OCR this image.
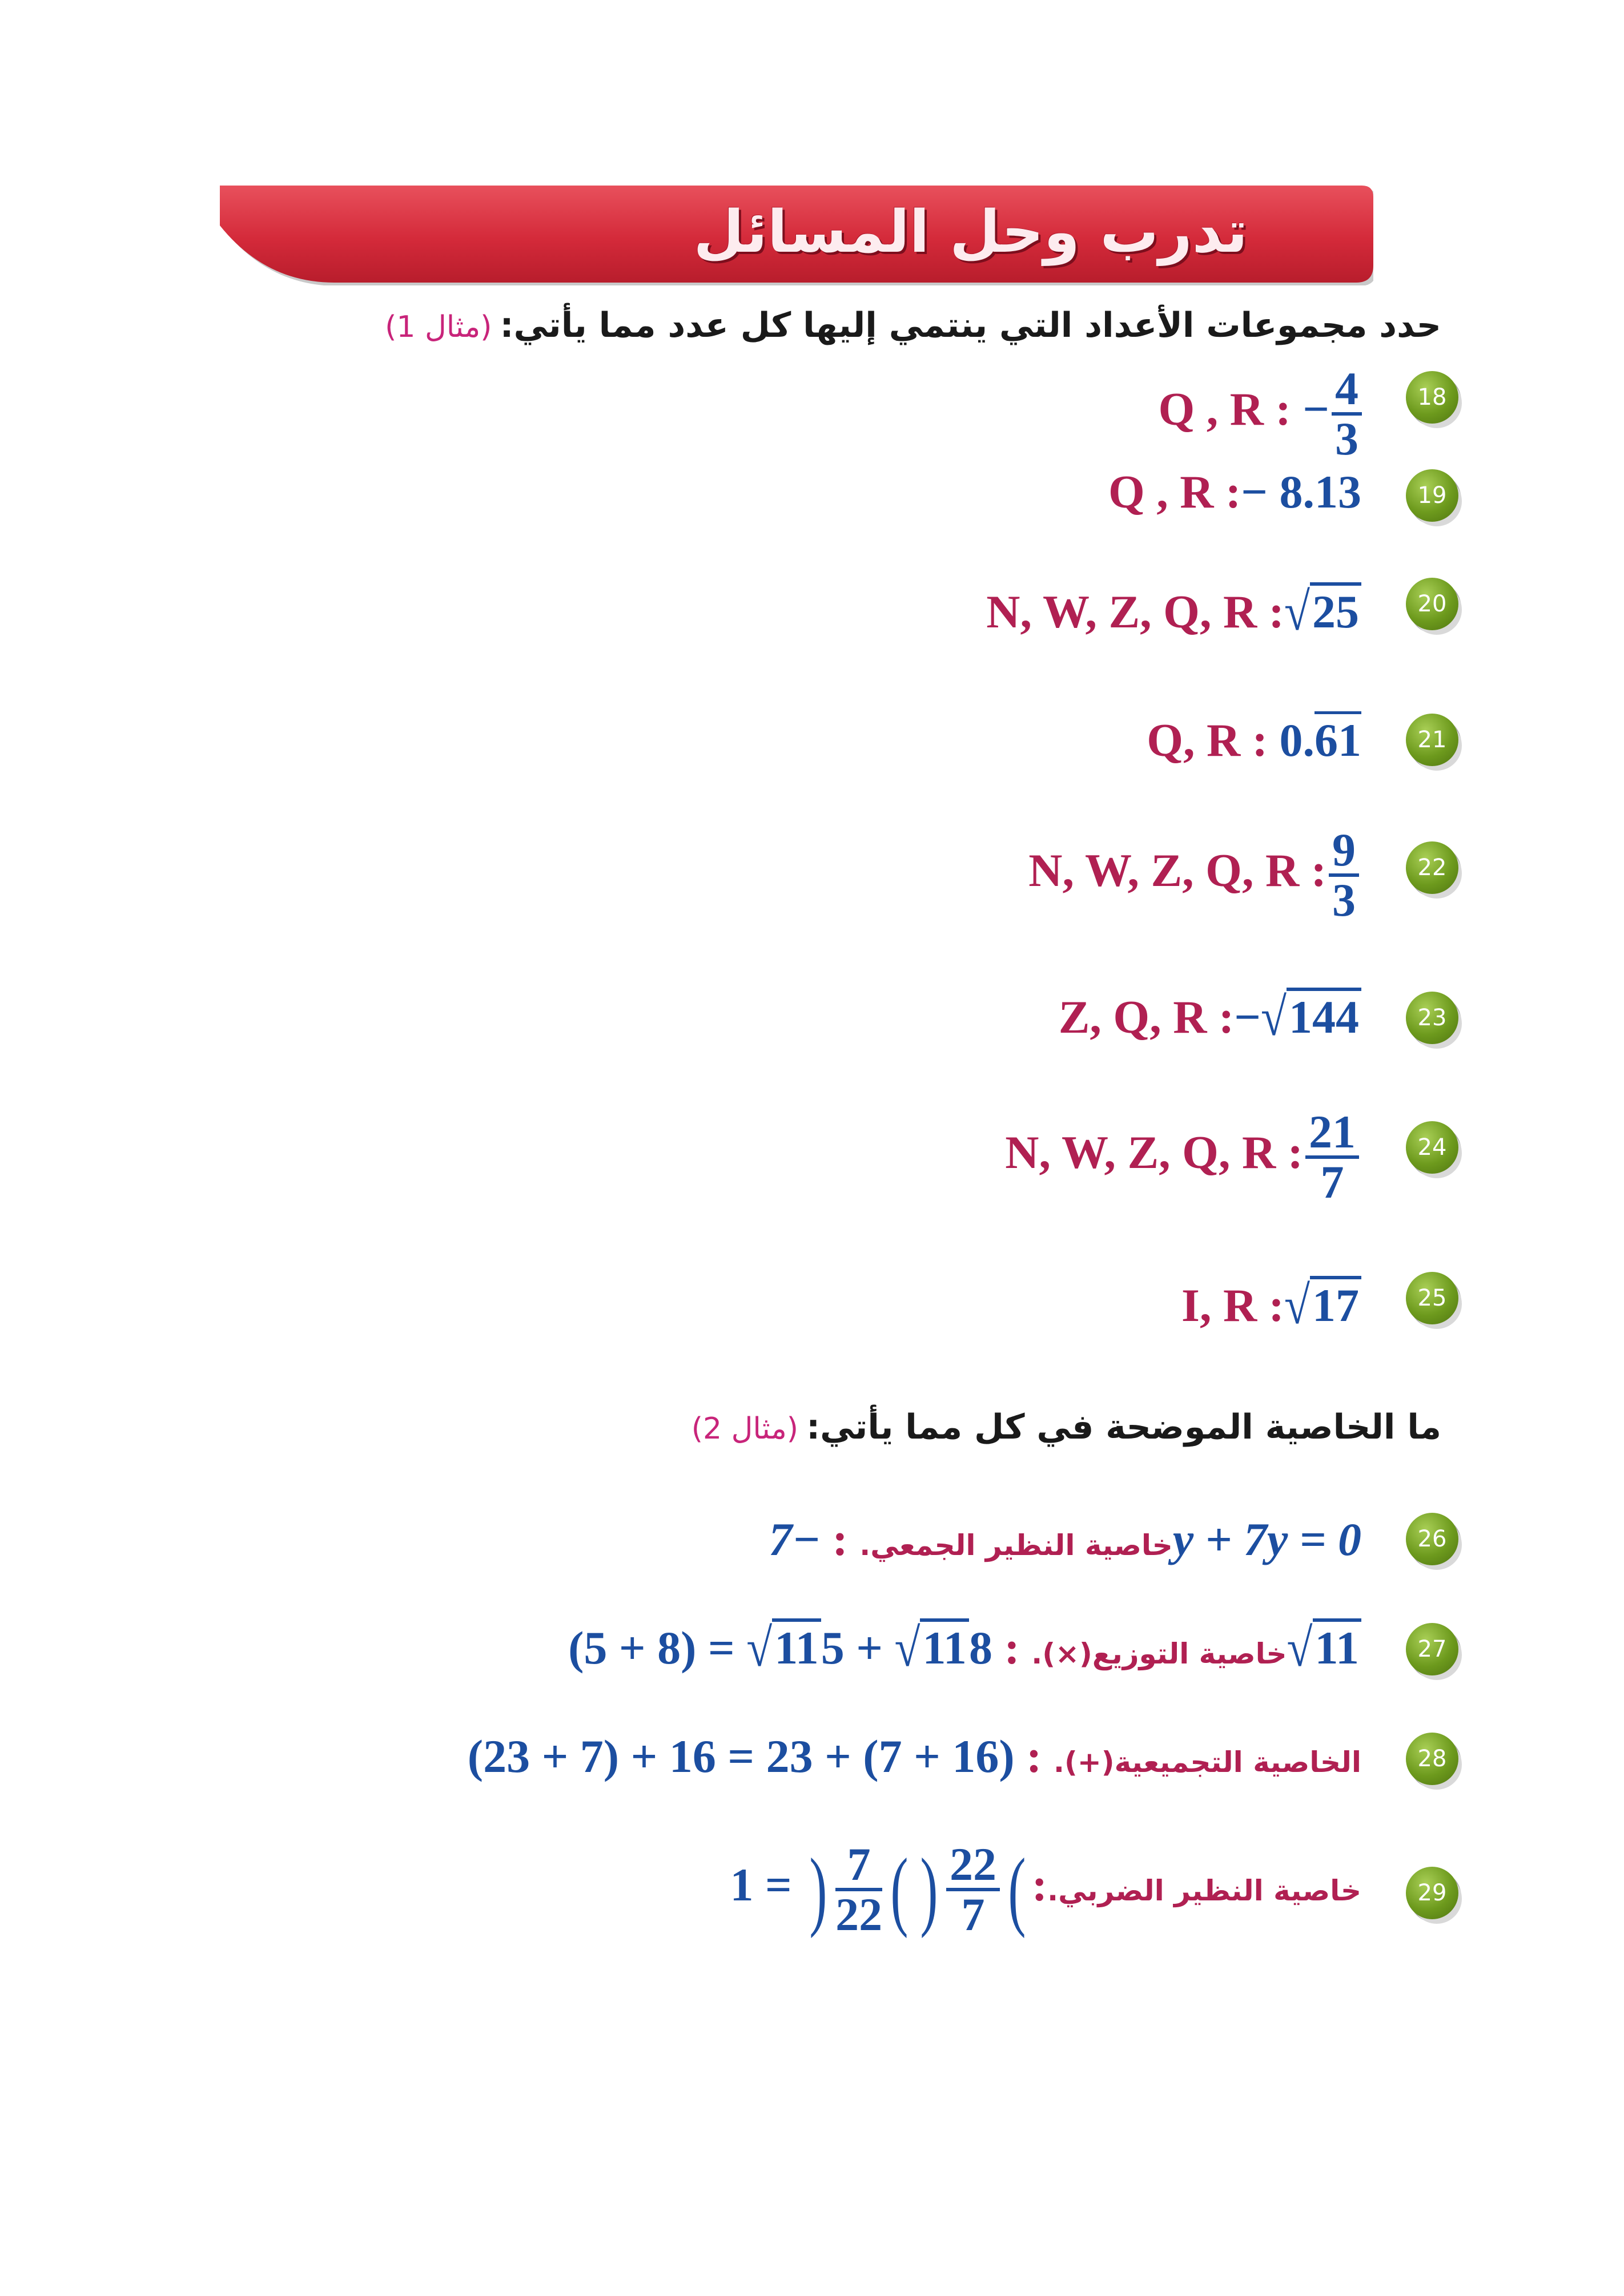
تدرب وحل المسائل
حدد مجموعات الأعداد التي ينتمي إليها كل عدد مما يأتي:(مثال 1)
18
19
20
21
22
23
24
25
Q , R : − $\frac{4}{3}$
Q , R :− 8.13
N, W, Z, Q, R :√25
Q, R : 0.61
N, W, Z, Q, R : $\frac{9}{3}$
Z, Q, R :−√144
N, W, Z, Q, R : $\frac{21}{7}$
I, R :√17
ما الخاصية الموضحة في كل مما يأتي:(مثال 2)
26
27
28
29
خاصية النظير الجمعي. : −7y + 7y = 0
خاصية التوزيع(×). : 8√11 + 5√11 = (8 + 5)	√11
الخاصية التجميعية(+). : (16 + 7) + 23 = 16 + (7 + 23)
خاصية النظير الضربي.:(
$\frac{22}{7}$
)(
$\frac{7}{22}$
) = 1
